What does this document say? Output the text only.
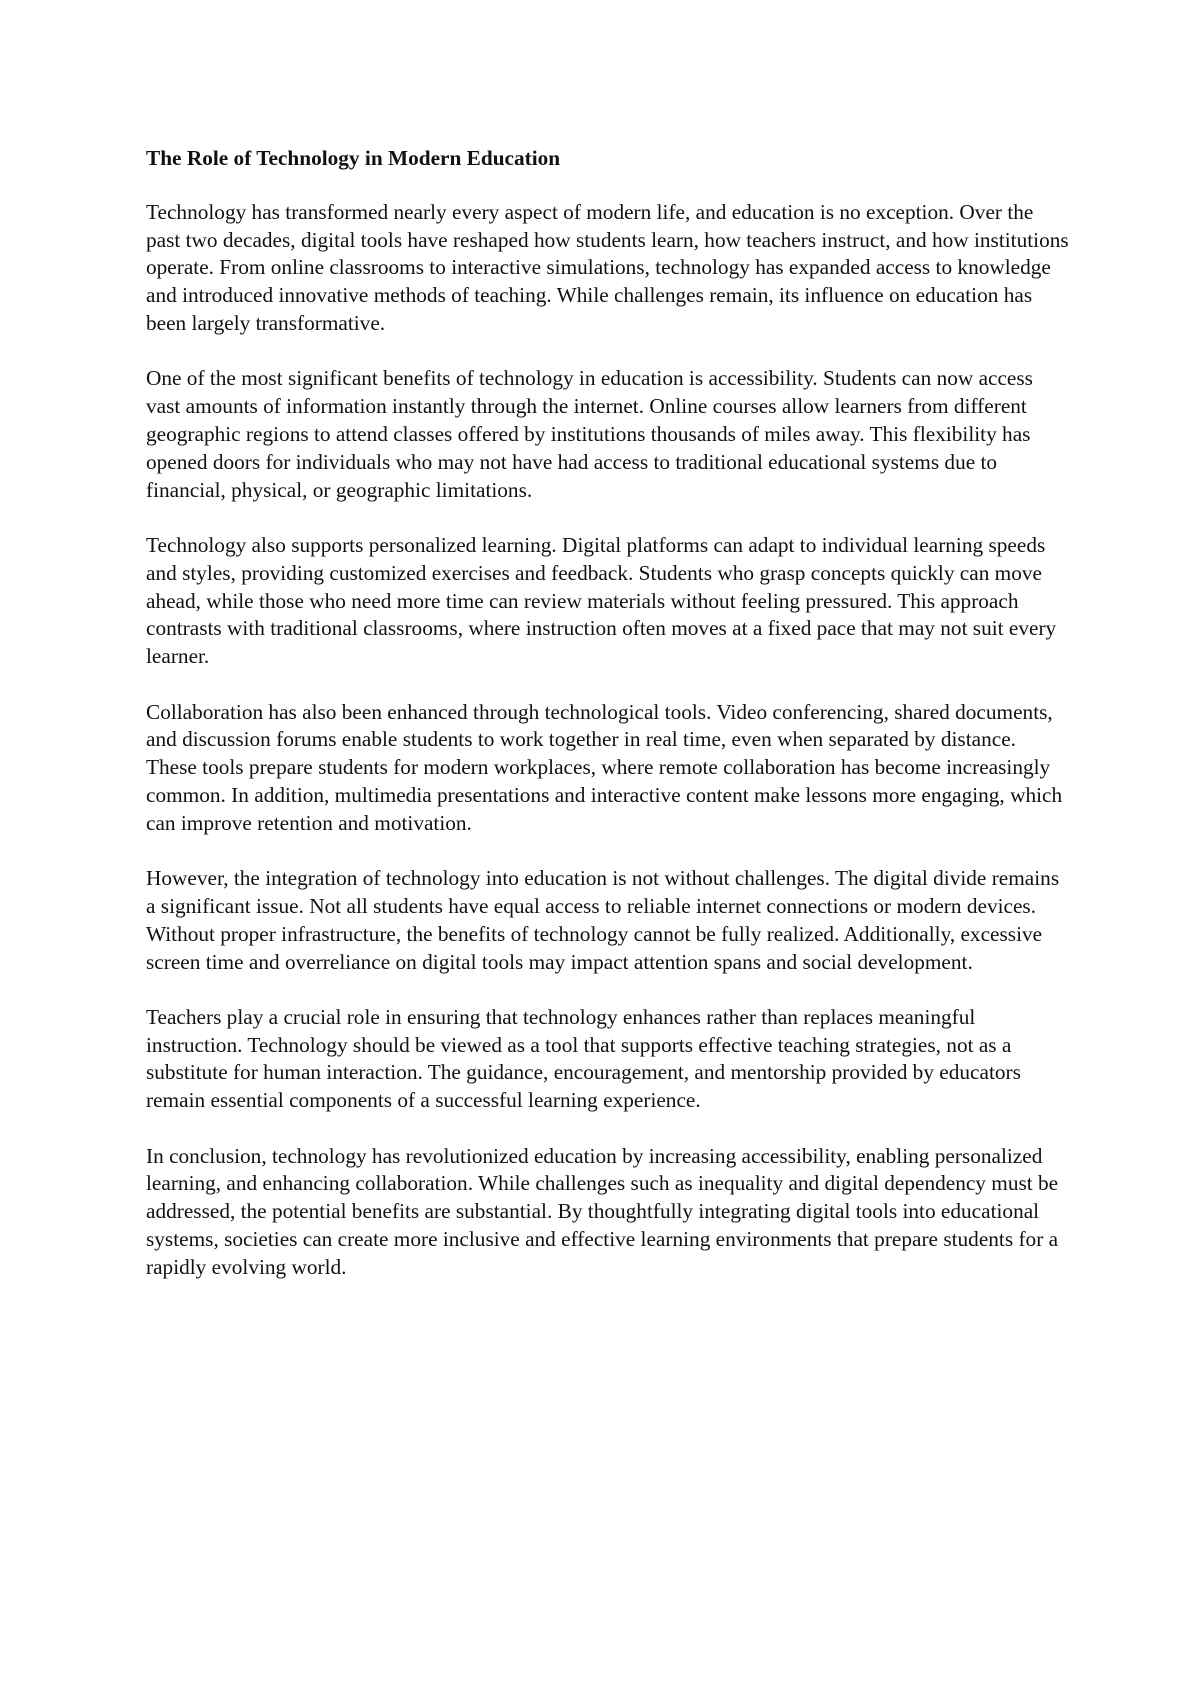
The Role of Technology in Modern Education

Technology has transformed nearly every aspect of modern life, and education is no exception. Over the past two decades, digital tools have reshaped how students learn, how teachers instruct, and how institutions operate. From online classrooms to interactive simulations, technology has expanded access to knowledge and introduced innovative methods of teaching. While challenges remain, its influence on education has been largely transformative.

One of the most significant benefits of technology in education is accessibility. Students can now access vast amounts of information instantly through the internet. Online courses allow learners from different geographic regions to attend classes offered by institutions thousands of miles away. This flexibility has opened doors for individuals who may not have had access to traditional educational systems due to financial, physical, or geographic limitations.

Technology also supports personalized learning. Digital platforms can adapt to individual learning speeds and styles, providing customized exercises and feedback. Students who grasp concepts quickly can move ahead, while those who need more time can review materials without feeling pressured. This approach contrasts with traditional classrooms, where instruction often moves at a fixed pace that may not suit every learner.

Collaboration has also been enhanced through technological tools. Video conferencing, shared documents, and discussion forums enable students to work together in real time, even when separated by distance. These tools prepare students for modern workplaces, where remote collaboration has become increasingly common. In addition, multimedia presentations and interactive content make lessons more engaging, which can improve retention and motivation.

However, the integration of technology into education is not without challenges. The digital divide remains a significant issue. Not all students have equal access to reliable internet connections or modern devices. Without proper infrastructure, the benefits of technology cannot be fully realized. Additionally, excessive screen time and overreliance on digital tools may impact attention spans and social development.

Teachers play a crucial role in ensuring that technology enhances rather than replaces meaningful instruction. Technology should be viewed as a tool that supports effective teaching strategies, not as a substitute for human interaction. The guidance, encouragement, and mentorship provided by educators remain essential components of a successful learning experience.

In conclusion, technology has revolutionized education by increasing accessibility, enabling personalized learning, and enhancing collaboration. While challenges such as inequality and digital dependency must be addressed, the potential benefits are substantial. By thoughtfully integrating digital tools into educational systems, societies can create more inclusive and effective learning environments that prepare students for a rapidly evolving world.
